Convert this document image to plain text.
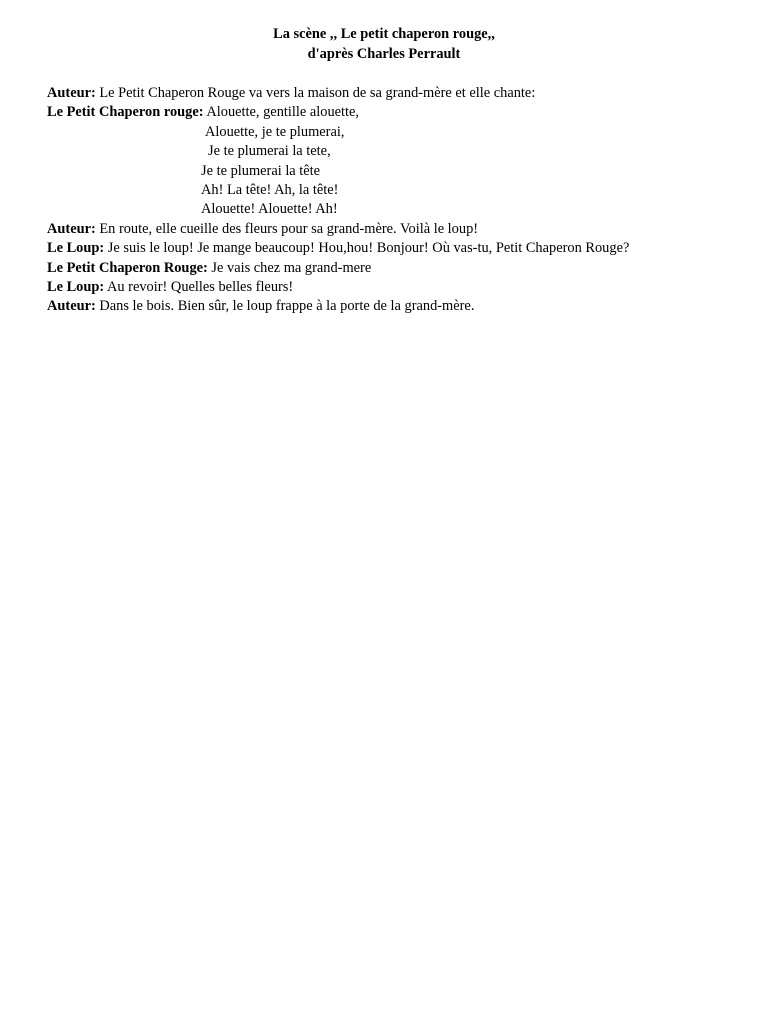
La scène ,, Le petit chaperon rouge,,
d'après Charles Perrault
Auteur: Le Petit Chaperon Rouge va vers la maison de sa grand-mère et elle chante:
Le Petit Chaperon rouge: Alouette, gentille alouette,
Alouette, je te plumerai,
Je te plumerai la tete,
Je te plumerai la tête
Ah! La tête! Ah, la tête!
Alouette! Alouette! Ah!
Auteur: En route, elle cueille des fleurs pour sa grand-mère. Voilà le loup!
Le Loup: Je suis le loup! Je mange beaucoup! Hou,hou! Bonjour! Où vas-tu, Petit Chaperon Rouge?
Le Petit Chaperon Rouge: Je vais chez ma grand-mere
Le Loup: Au revoir! Quelles belles fleurs!
Auteur: Dans le bois. Bien sûr, le loup frappe à la porte de la grand-mère.
